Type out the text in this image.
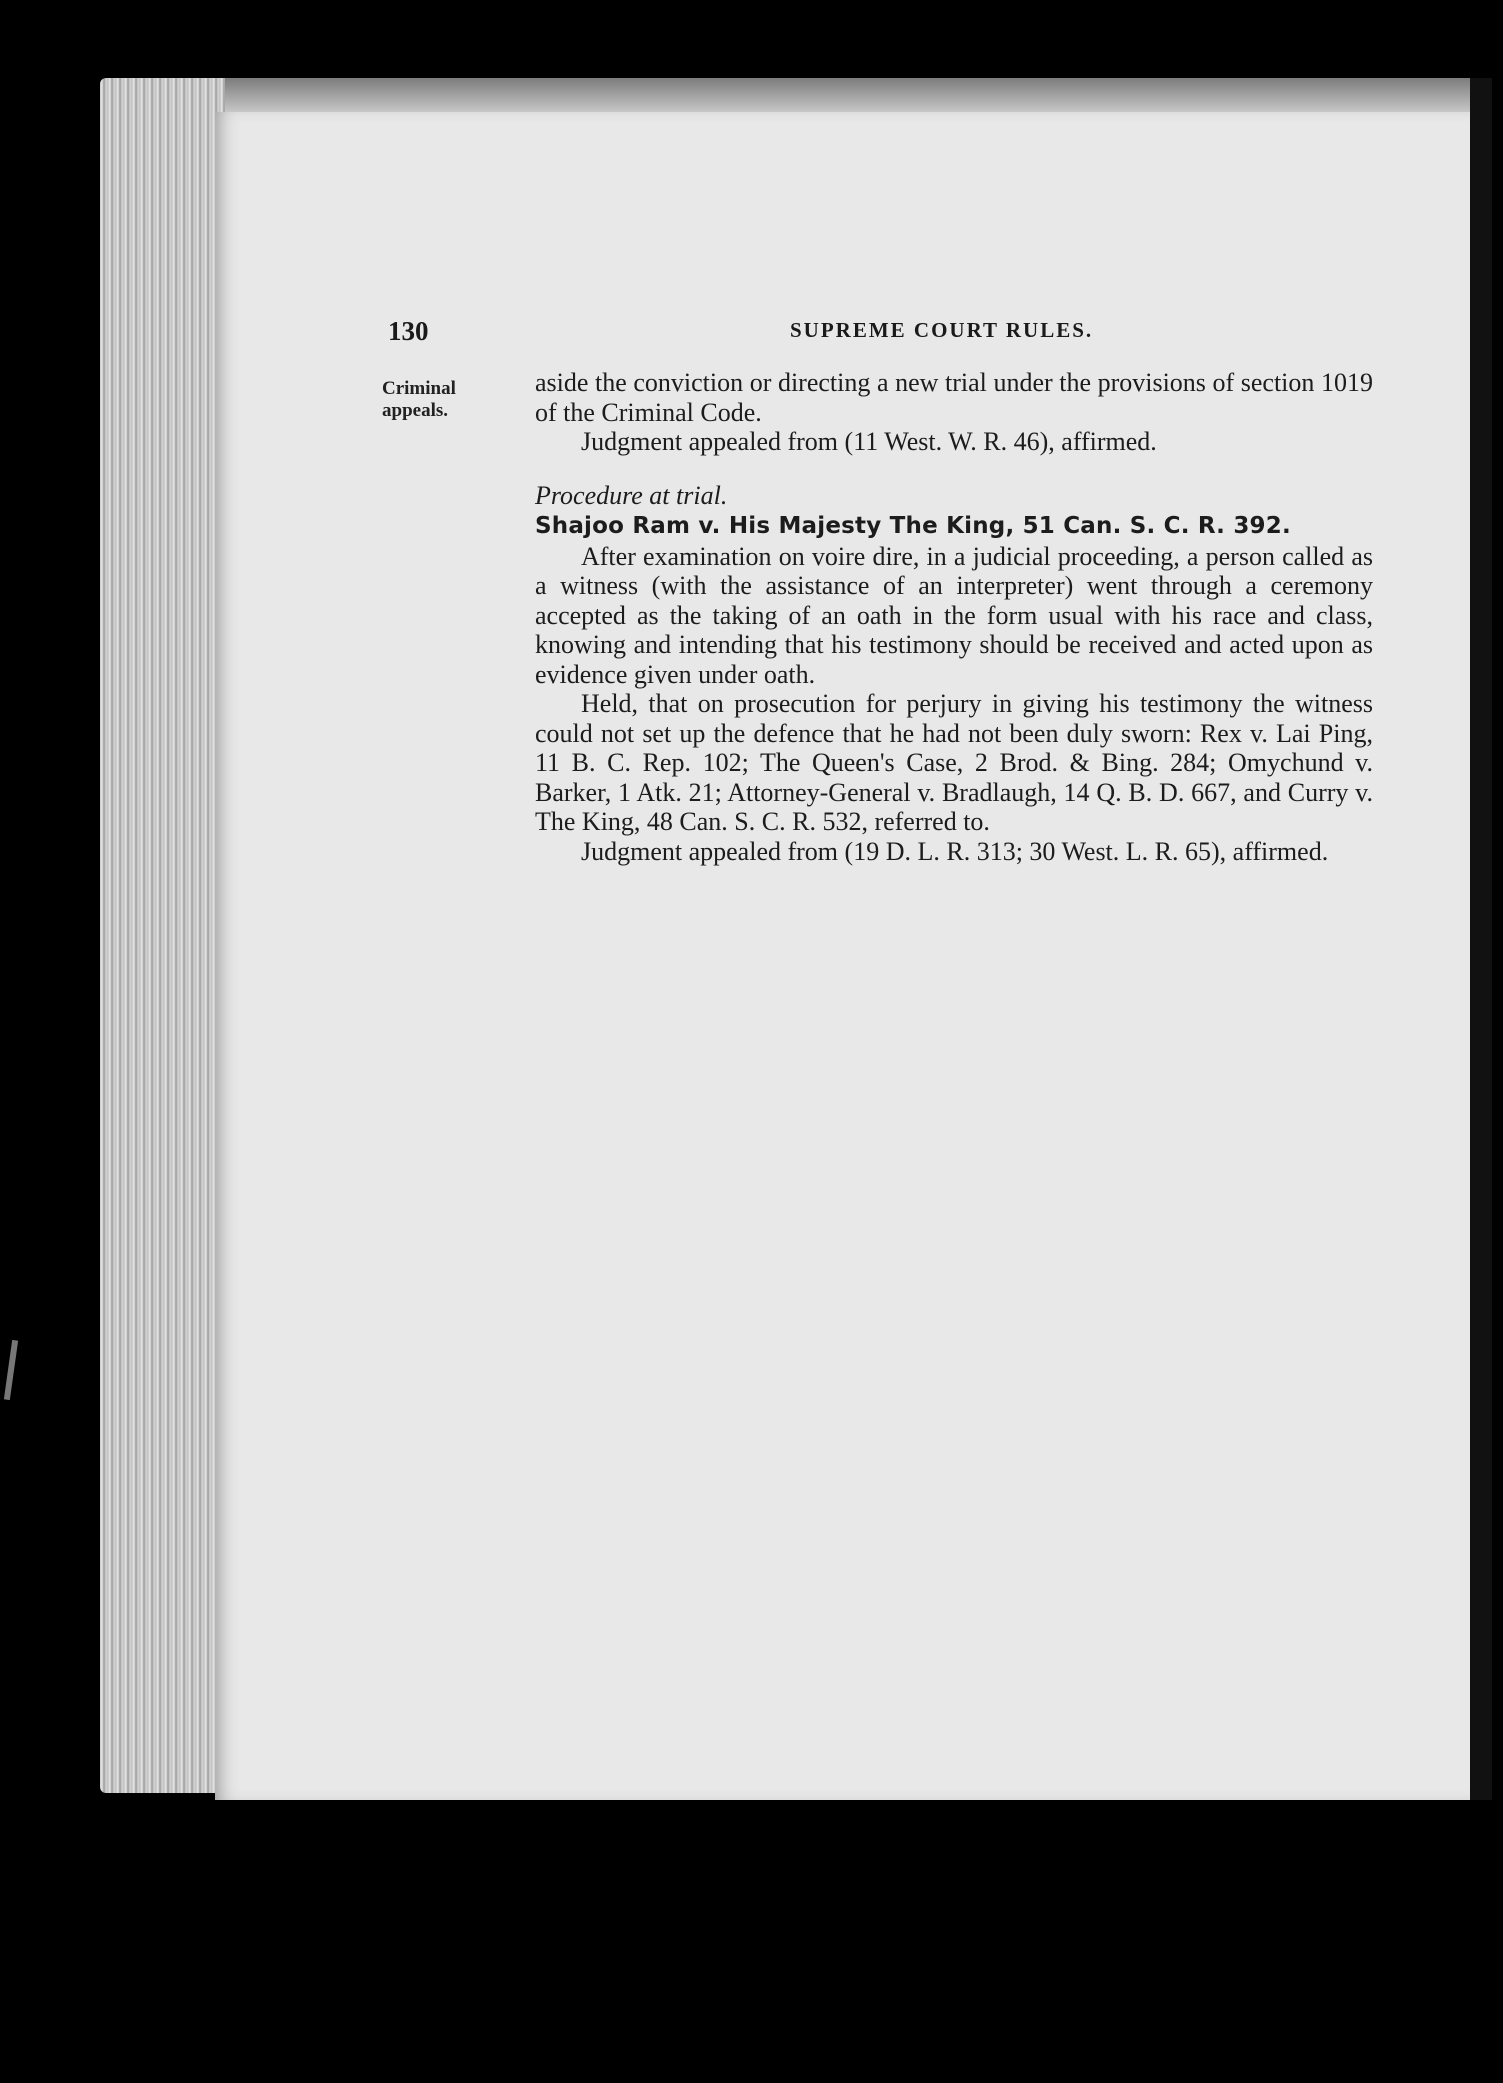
130	SUPREME COURT RULES.
Criminal
appeals.

aside the conviction or directing a new trial under the provisions of section 1019 of the Criminal Code.

Judgment appealed from (11 West. W. R. 46), affirmed.

Procedure at trial.

Shajoo Ram v. His Majesty The King, 51 Can. S. C. R. 392.

After examination on voire dire, in a judicial proceeding, a person called as a witness (with the assistance of an interpreter) went through a ceremony accepted as the taking of an oath in the form usual with his race and class, knowing and intending that his testimony should be received and acted upon as evidence given under oath.

Held, that on prosecution for perjury in giving his testimony the witness could not set up the defence that he had not been duly sworn: Rex v. Lai Ping, 11 B. C. Rep. 102; The Queen's Case, 2 Brod. & Bing. 284; Omychund v. Barker, 1 Atk. 21; Attorney-General v. Bradlaugh, 14 Q. B. D. 667, and Curry v. The King, 48 Can. S. C. R. 532, referred to.

Judgment appealed from (19 D. L. R. 313; 30 West. L. R. 65), affirmed.
